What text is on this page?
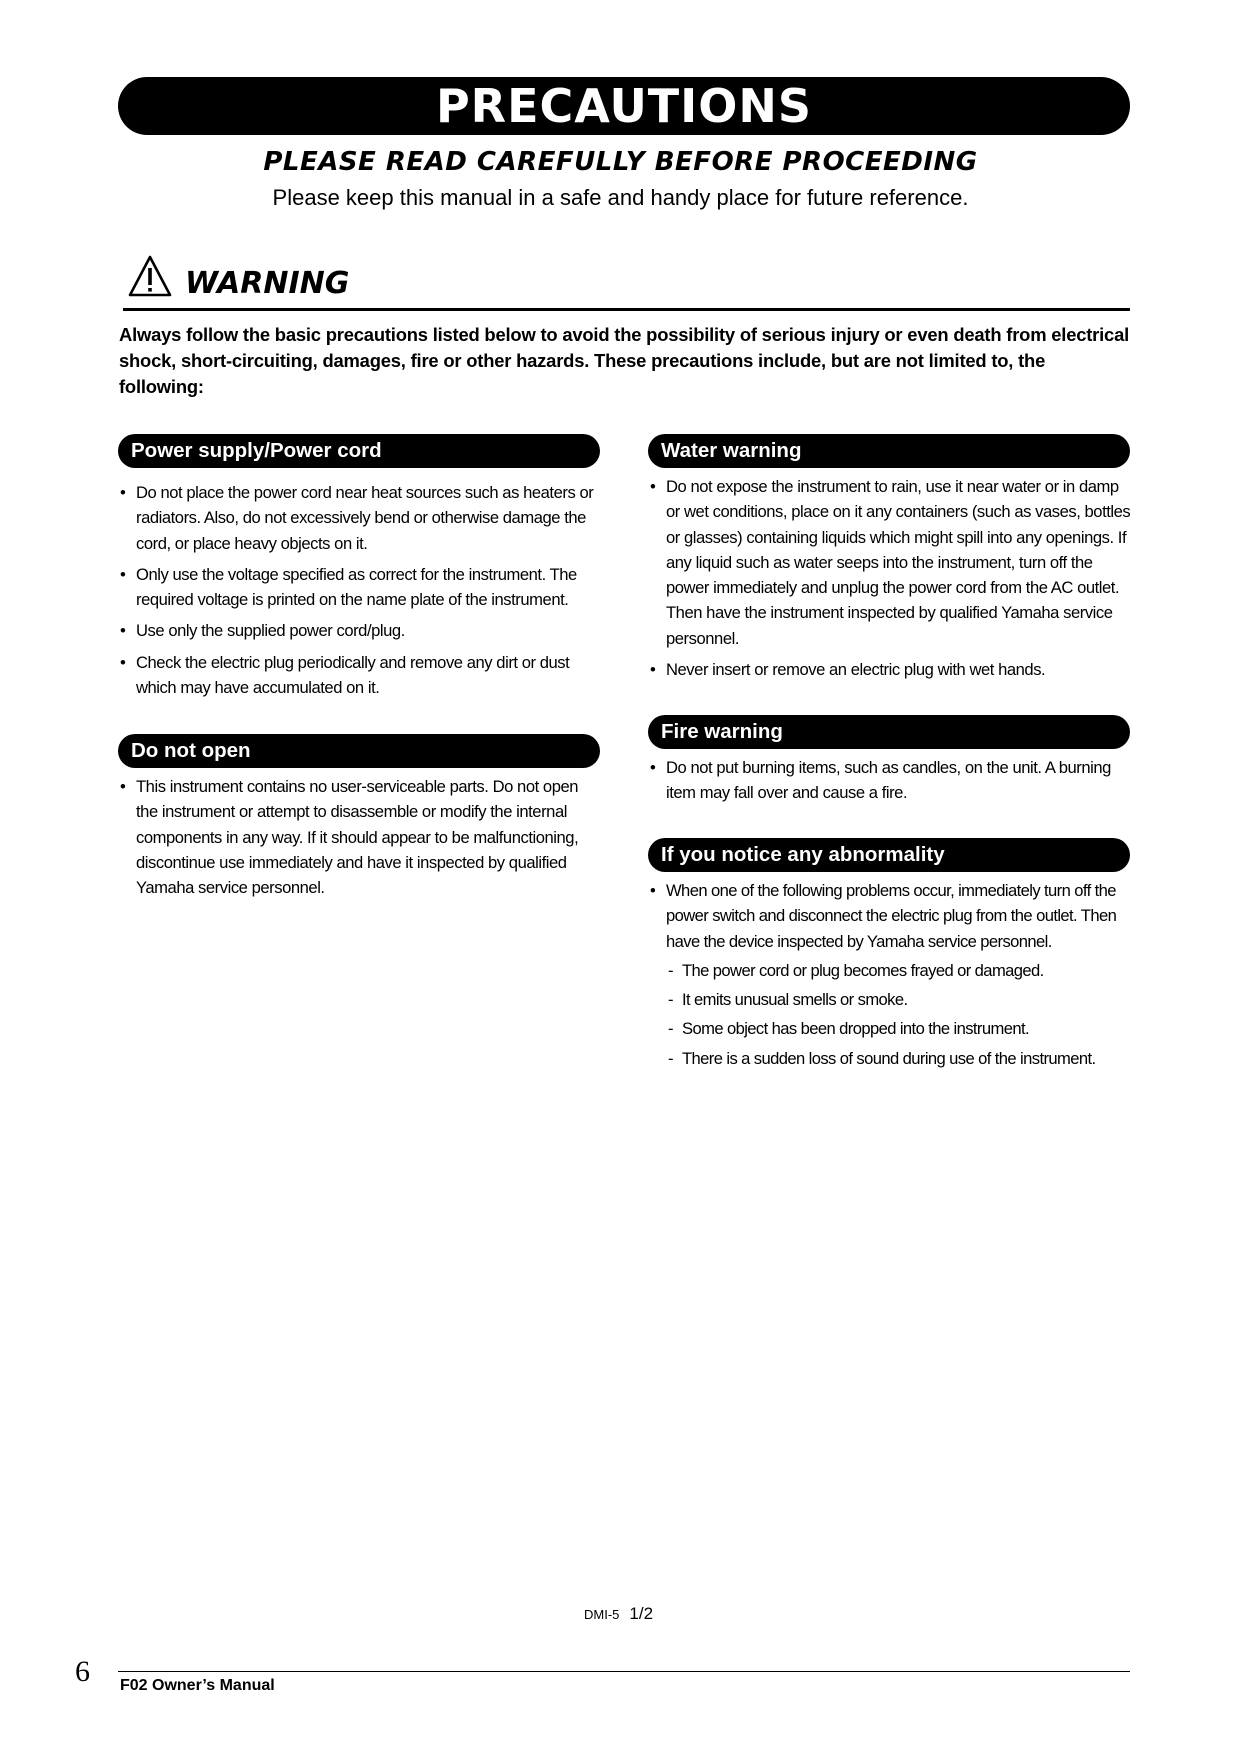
PRECAUTIONS
PLEASE READ CAREFULLY BEFORE PROCEEDING
Please keep this manual in a safe and handy place for future reference.
WARNING
Always follow the basic precautions listed below to avoid the possibility of serious injury or even death from electrical shock, short-circuiting, damages, fire or other hazards. These precautions include, but are not limited to, the following:
Power supply/Power cord
• Do not place the power cord near heat sources such as heaters or radiators. Also, do not excessively bend or otherwise damage the cord, or place heavy objects on it.
• Only use the voltage specified as correct for the instrument. The required voltage is printed on the name plate of the instrument.
• Use only the supplied power cord/plug.
• Check the electric plug periodically and remove any dirt or dust which may have accumulated on it.
Do not open
• This instrument contains no user-serviceable parts. Do not open the instrument or attempt to disassemble or modify the internal components in any way. If it should appear to be malfunctioning, discontinue use immediately and have it inspected by qualified Yamaha service personnel.
Water warning
• Do not expose the instrument to rain, use it near water or in damp or wet conditions, place on it any containers (such as vases, bottles or glasses) containing liquids which might spill into any openings. If any liquid such as water seeps into the instrument, turn off the power immediately and unplug the power cord from the AC outlet. Then have the instrument inspected by qualified Yamaha service personnel.
• Never insert or remove an electric plug with wet hands.
Fire warning
• Do not put burning items, such as candles, on the unit. A burning item may fall over and cause a fire.
If you notice any abnormality
• When one of the following problems occur, immediately turn off the power switch and disconnect the electric plug from the outlet. Then have the device inspected by Yamaha service personnel.
- The power cord or plug becomes frayed or damaged.
- It emits unusual smells or smoke.
- Some object has been dropped into the instrument.
- There is a sudden loss of sound during use of the instrument.
DMI-5 1/2
6 F02 Owner’s Manual
